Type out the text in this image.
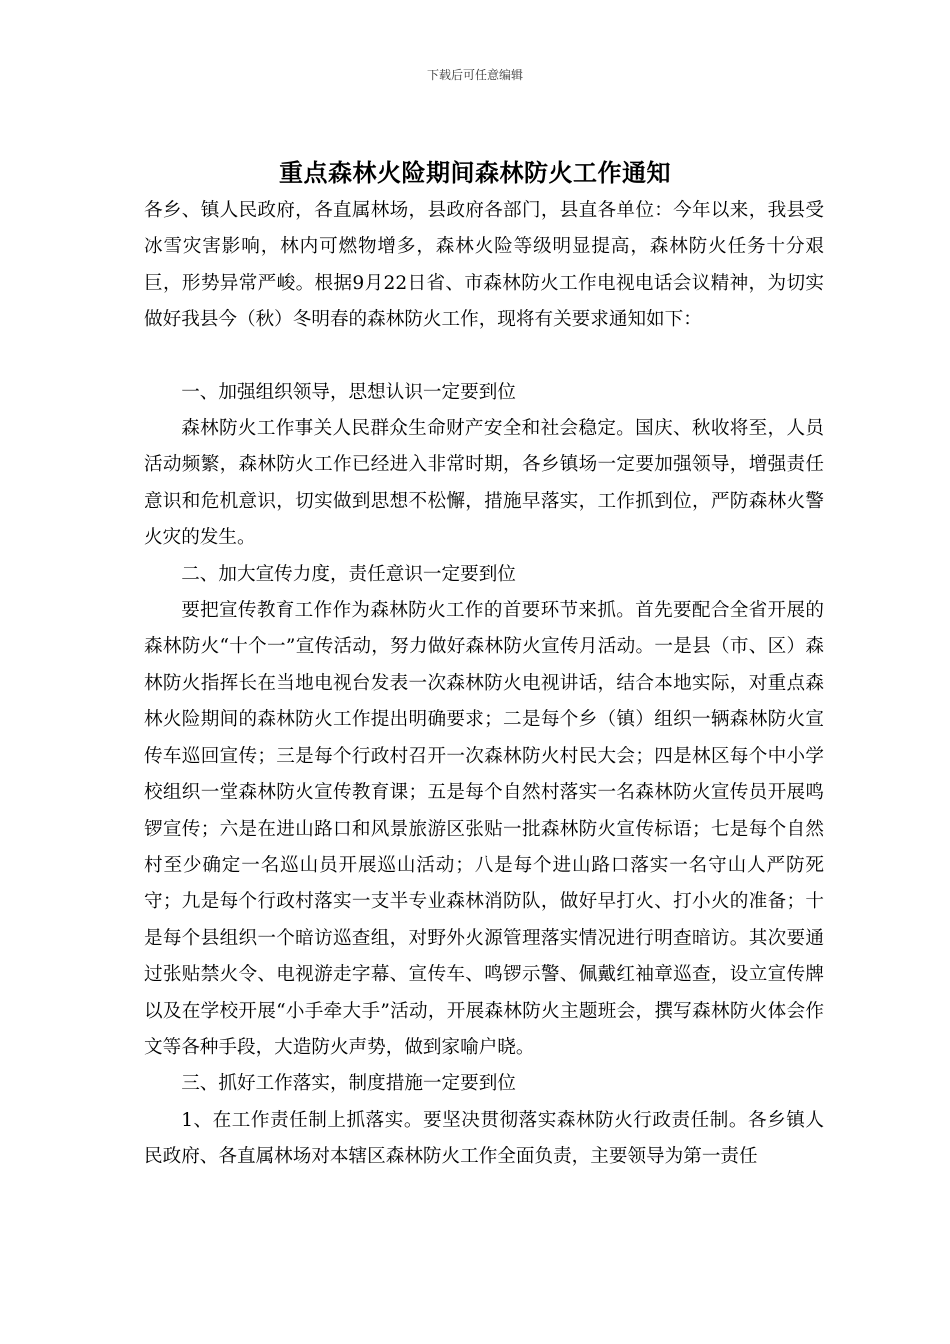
下载后可任意编辑
重点森林火险期间森林防火工作通知

各乡、镇人民政府，各直属林场，县政府各部门，县直各单位：今年以来，我县受冰雪灾害影响，林内可燃物增多，森林火险等级明显提高，森林防火任务十分艰巨，形势异常严峻。根据9月22日省、市森林防火工作电视电话会议精神，为切实做好我县今（秋）冬明春的森林防火工作，现将有关要求通知如下：

一、加强组织领导，思想认识一定要到位

森林防火工作事关人民群众生命财产安全和社会稳定。国庆、秋收将至，人员活动频繁，森林防火工作已经进入非常时期，各乡镇场一定要加强领导，增强责任意识和危机意识，切实做到思想不松懈，措施早落实，工作抓到位，严防森林火警火灾的发生。

二、加大宣传力度，责任意识一定要到位

要把宣传教育工作作为森林防火工作的首要环节来抓。首先要配合全省开展的森林防火“十个一”宣传活动，努力做好森林防火宣传月活动。一是县（市、区）森林防火指挥长在当地电视台发表一次森林防火电视讲话，结合本地实际，对重点森林火险期间的森林防火工作提出明确要求；二是每个乡（镇）组织一辆森林防火宣传车巡回宣传；三是每个行政村召开一次森林防火村民大会；四是林区每个中小学校组织一堂森林防火宣传教育课；五是每个自然村落实一名森林防火宣传员开展鸣锣宣传；六是在进山路口和风景旅游区张贴一批森林防火宣传标语；七是每个自然村至少确定一名巡山员开展巡山活动；八是每个进山路口落实一名守山人严防死守；九是每个行政村落实一支半专业森林消防队，做好早打火、打小火的准备；十是每个县组织一个暗访巡查组，对野外火源管理落实情况进行明查暗访。其次要通过张贴禁火令、电视游走字幕、宣传车、鸣锣示警、佩戴红袖章巡查，设立宣传牌以及在学校开展“小手牵大手”活动，开展森林防火主题班会，撰写森林防火体会作文等各种手段，大造防火声势，做到家喻户晓。

三、抓好工作落实，制度措施一定要到位

1、在工作责任制上抓落实。要坚决贯彻落实森林防火行政责任制。各乡镇人民政府、各直属林场对本辖区森林防火工作全面负责，主要领导为第一责任
